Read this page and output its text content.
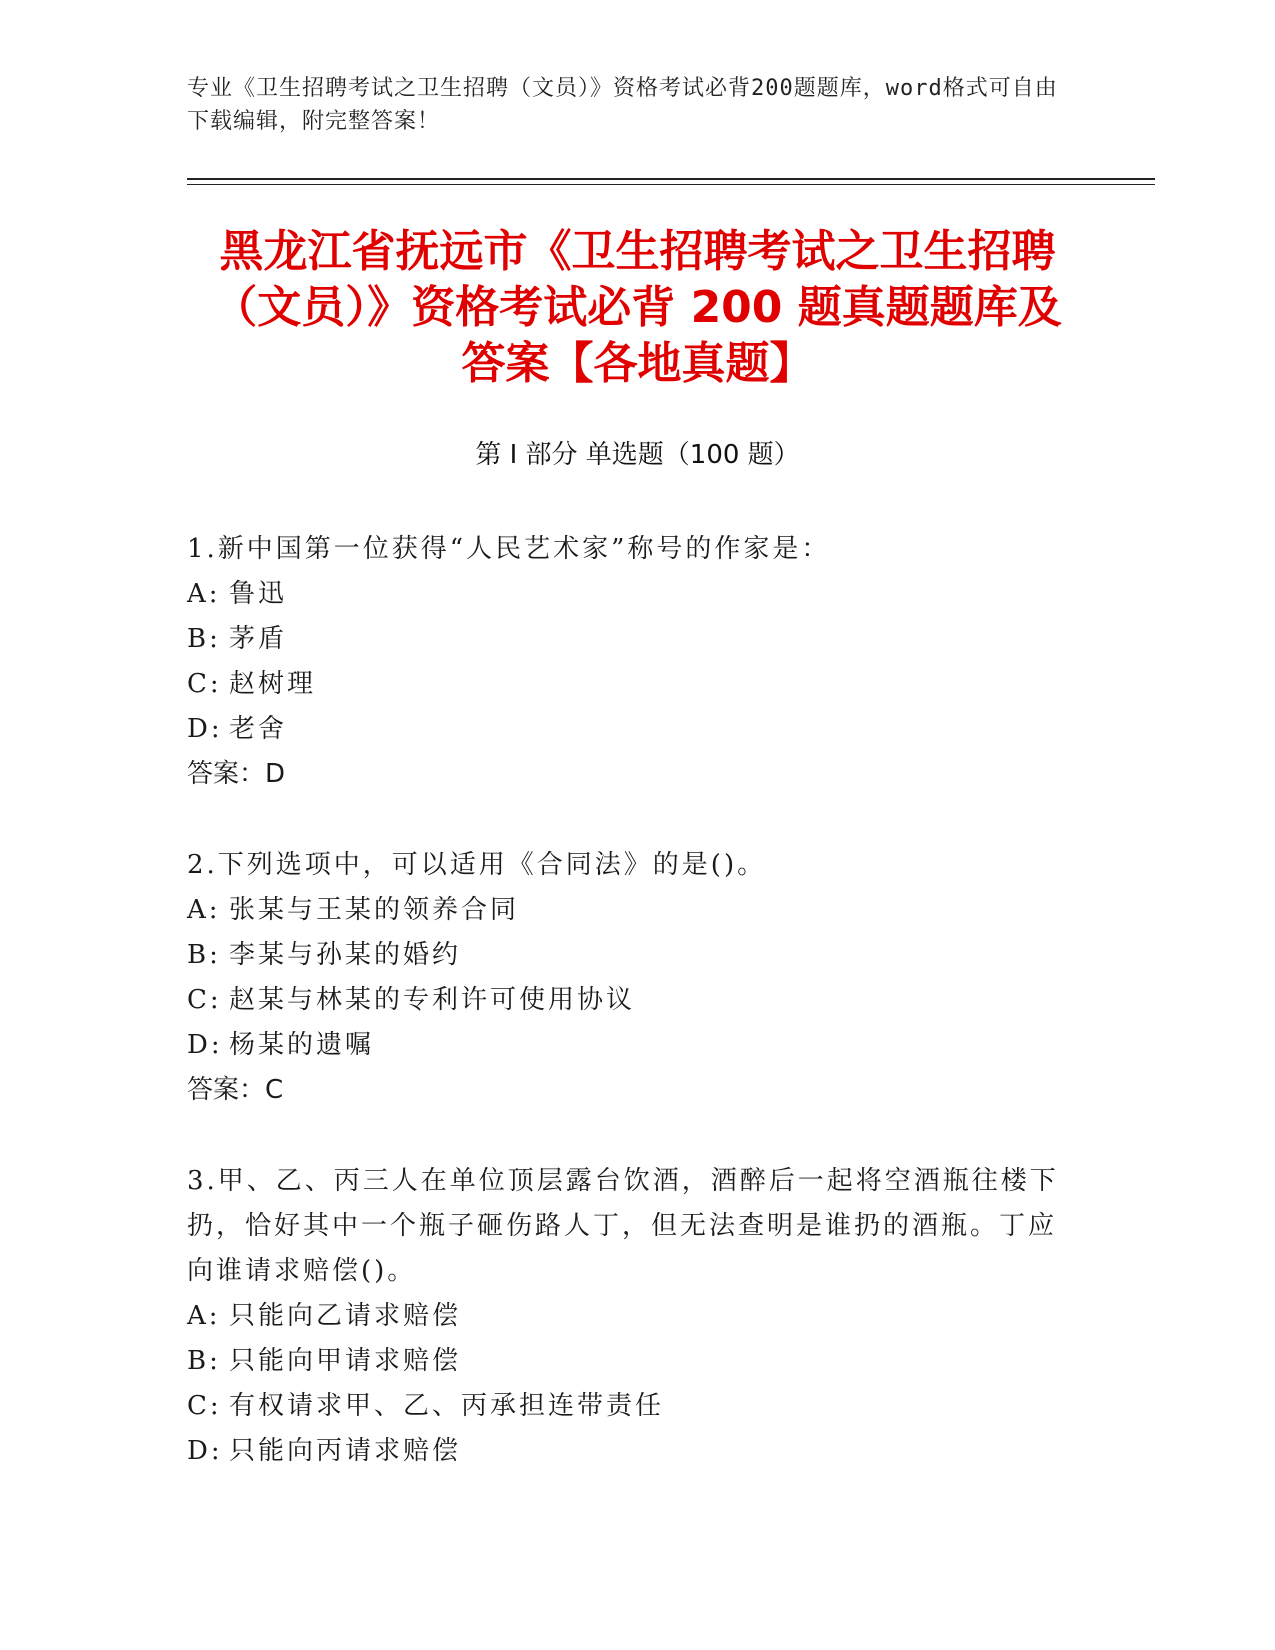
专业《卫生招聘考试之卫生招聘（文员）》资格考试必背200题题库，word格式可自由下载编辑，附完整答案！
黑龙江省抚远市《卫生招聘考试之卫生招聘
（文员）》资格考试必背 200 题真题题库及
答案【各地真题】
第 I 部分 单选题（100 题）

1.新中国第一位获得“人民艺术家”称号的作家是：

A: 鲁迅

B: 茅盾

C: 赵树理

D: 老舍

答案：D

2.下列选项中，可以适用《合同法》的是()。

A: 张某与王某的领养合同

B: 李某与孙某的婚约

C: 赵某与林某的专利许可使用协议

D: 杨某的遗嘱

答案：C

3.甲、乙、丙三人在单位顶层露台饮酒，酒醉后一起将空酒瓶往楼下扔，恰好其中一个瓶子砸伤路人丁，但无法查明是谁扔的酒瓶。丁应向谁请求赔偿()。

A: 只能向乙请求赔偿

B: 只能向甲请求赔偿

C: 有权请求甲、乙、丙承担连带责任

D: 只能向丙请求赔偿
